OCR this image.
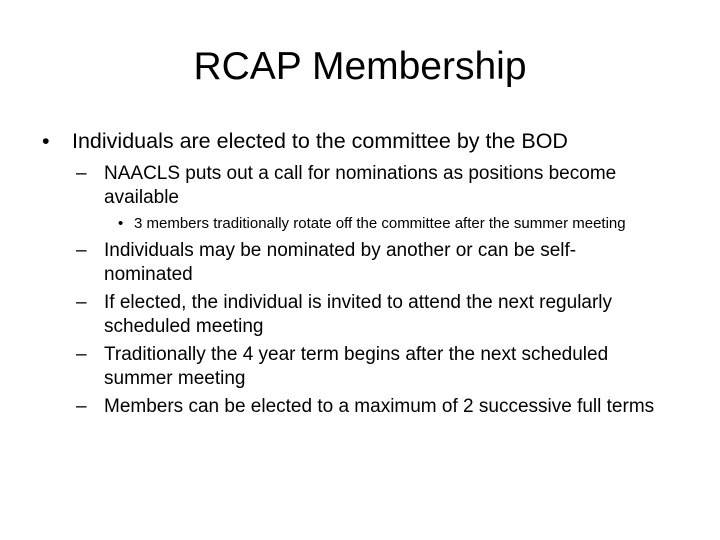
RCAP Membership

• Individuals are elected to the committee by the BOD

– NAACLS puts out a call for nominations as positions become available

• 3 members traditionally rotate off the committee after the summer meeting

– Individuals may be nominated by another or can be self-nominated

– If elected, the individual is invited to attend the next regularly scheduled meeting

– Traditionally the 4 year term begins after the next scheduled summer meeting

– Members can be elected to a maximum of 2 successive full terms
